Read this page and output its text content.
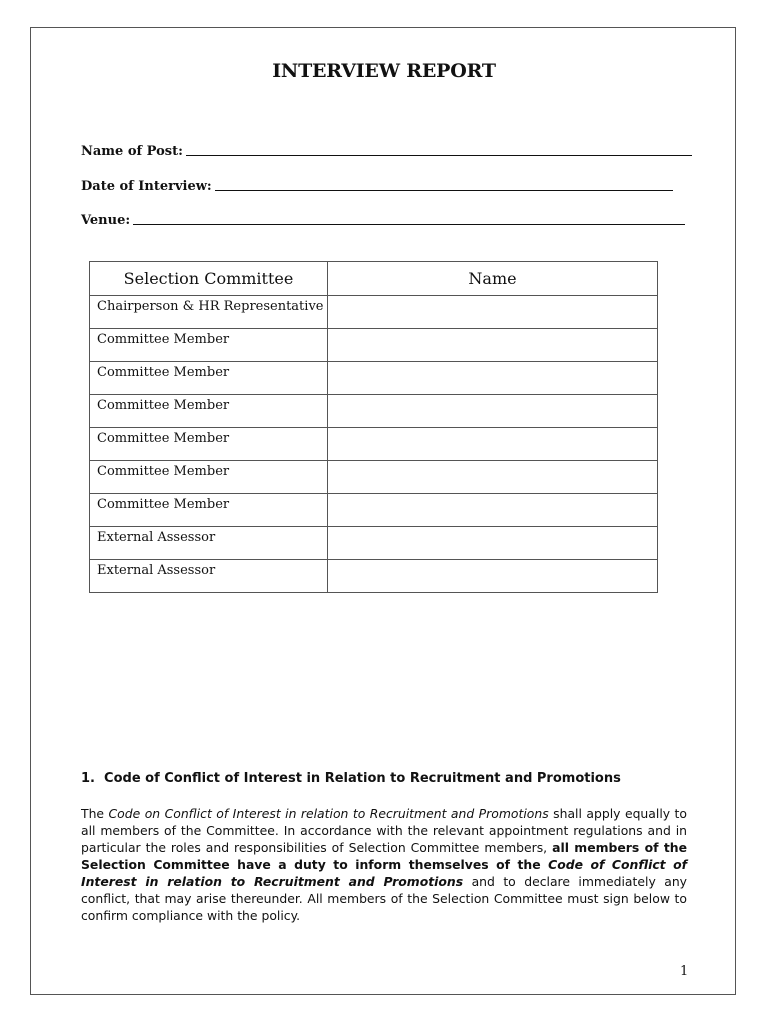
INTERVIEW REPORT
Name of Post:
Date of Interview:
Venue:
Selection Committee	Name
Chairperson & HR Representative	
Committee Member	
Committee Member	
Committee Member	
Committee Member	
Committee Member	
Committee Member	
External Assessor	
External Assessor	
1.  Code of Conflict of Interest in Relation to Recruitment and Promotions
The Code on Conflict of Interest in relation to Recruitment and Promotions shall apply equally to all members of the Committee. In accordance with the relevant appointment regulations and in particular the roles and responsibilities of Selection Committee members, all members of the Selection Committee have a duty to inform themselves of the Code of Conflict of Interest in relation to Recruitment and Promotions and to declare immediately any conflict, that may arise thereunder. All members of the Selection Committee must sign below to confirm compliance with the policy.
1
